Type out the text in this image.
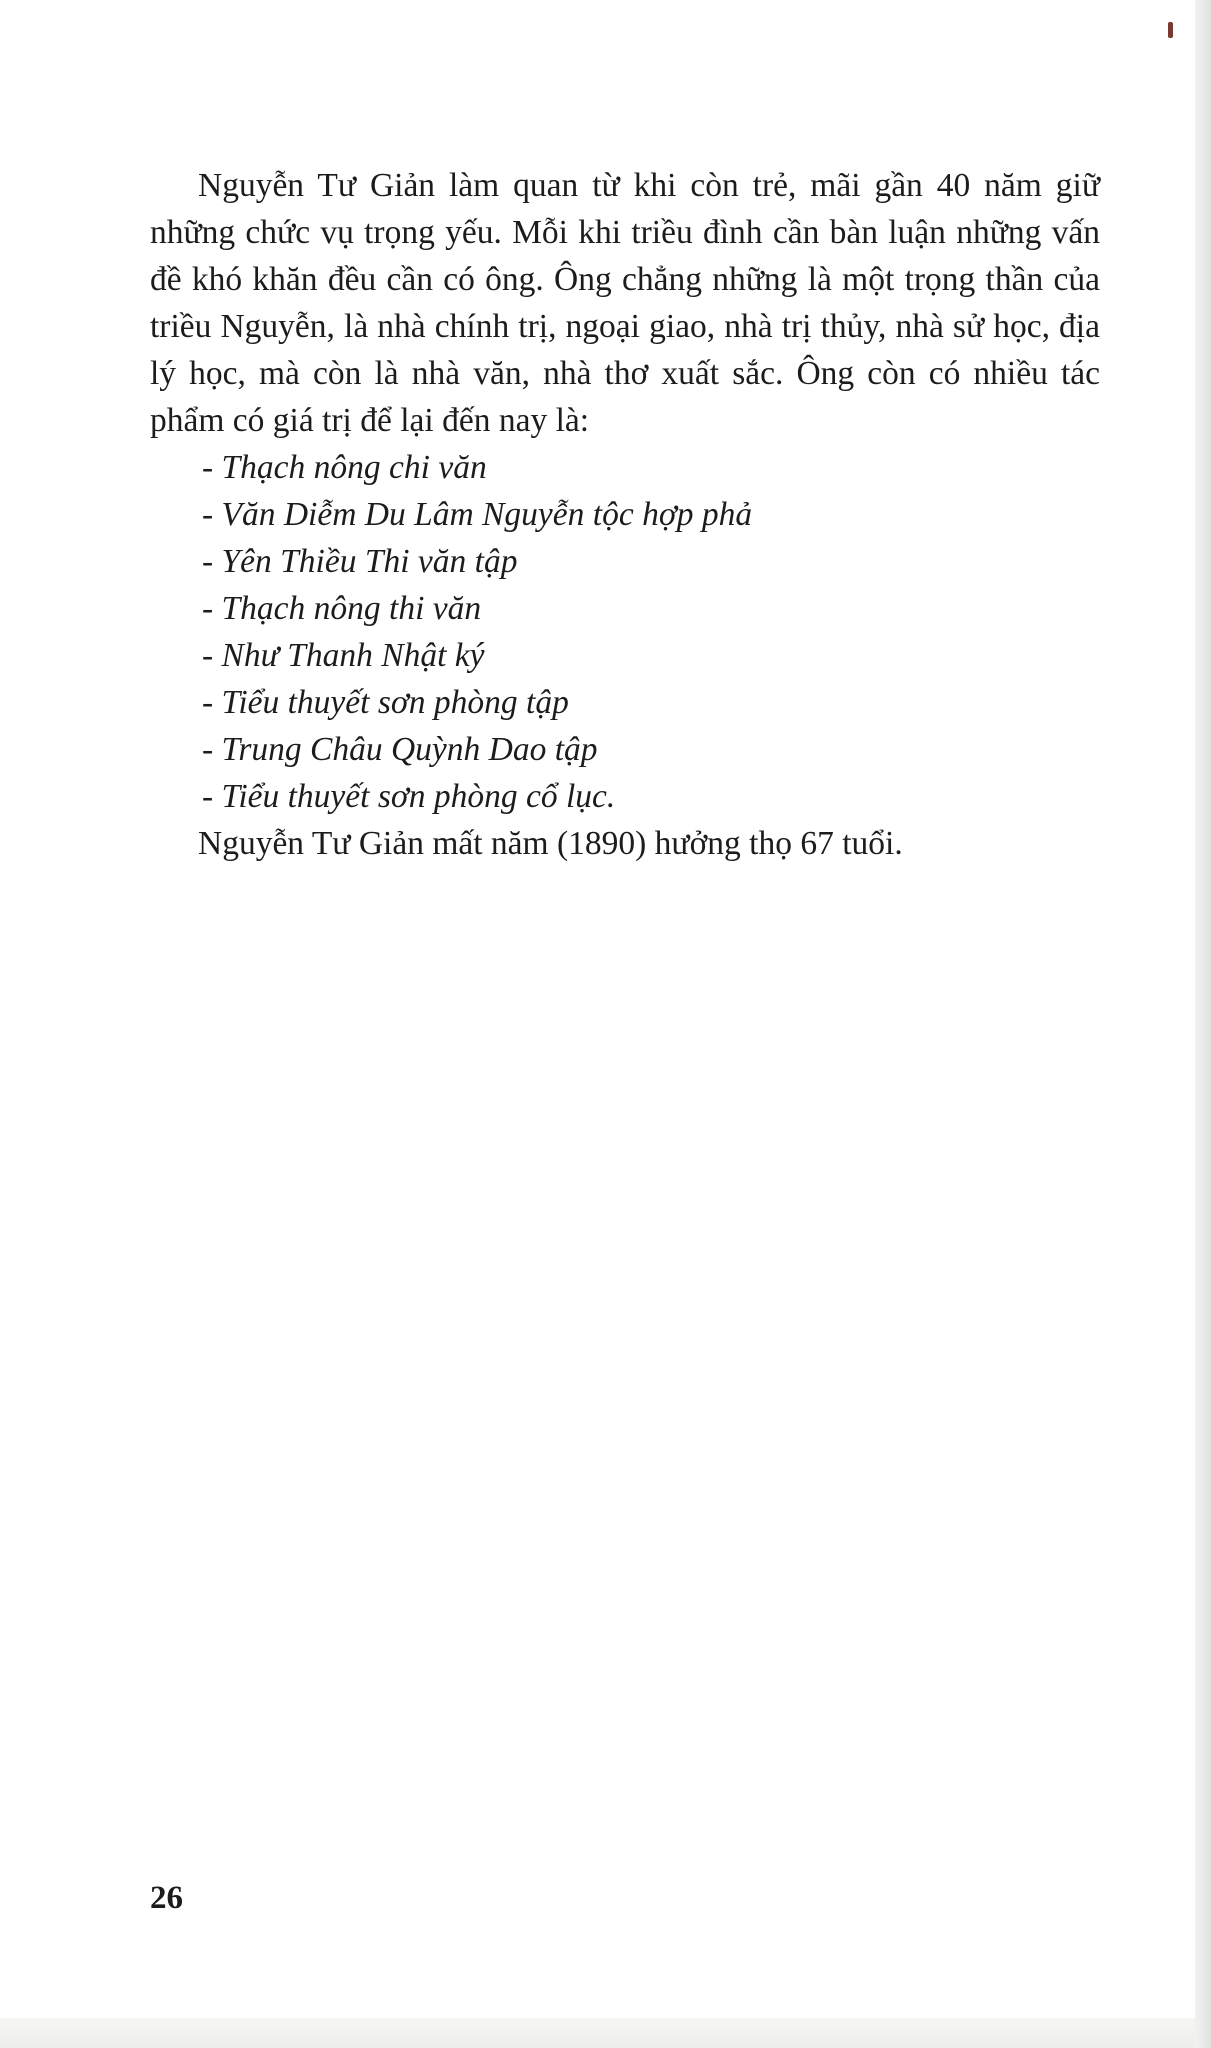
Nguyễn Tư Giản làm quan từ khi còn trẻ, mãi gần 40 năm giữ những chức vụ trọng yếu. Mỗi khi triều đình cần bàn luận những vấn đề khó khăn đều cần có ông. Ông chẳng những là một trọng thần của triều Nguyễn, là nhà chính trị, ngoại giao, nhà trị thủy, nhà sử học, địa lý học, mà còn là nhà văn, nhà thơ xuất sắc. Ông còn có nhiều tác phẩm có giá trị để lại đến nay là:

- Thạch nông chi văn
- Văn Diễm Du Lâm Nguyễn tộc hợp phả
- Yên Thiều Thi văn tập
- Thạch nông thi văn
- Như Thanh Nhật ký
- Tiểu thuyết sơn phòng tập
- Trung Châu Quỳnh Dao tập
- Tiểu thuyết sơn phòng cổ lục.

Nguyễn Tư Giản mất năm (1890) hưởng thọ 67 tuổi.

26
